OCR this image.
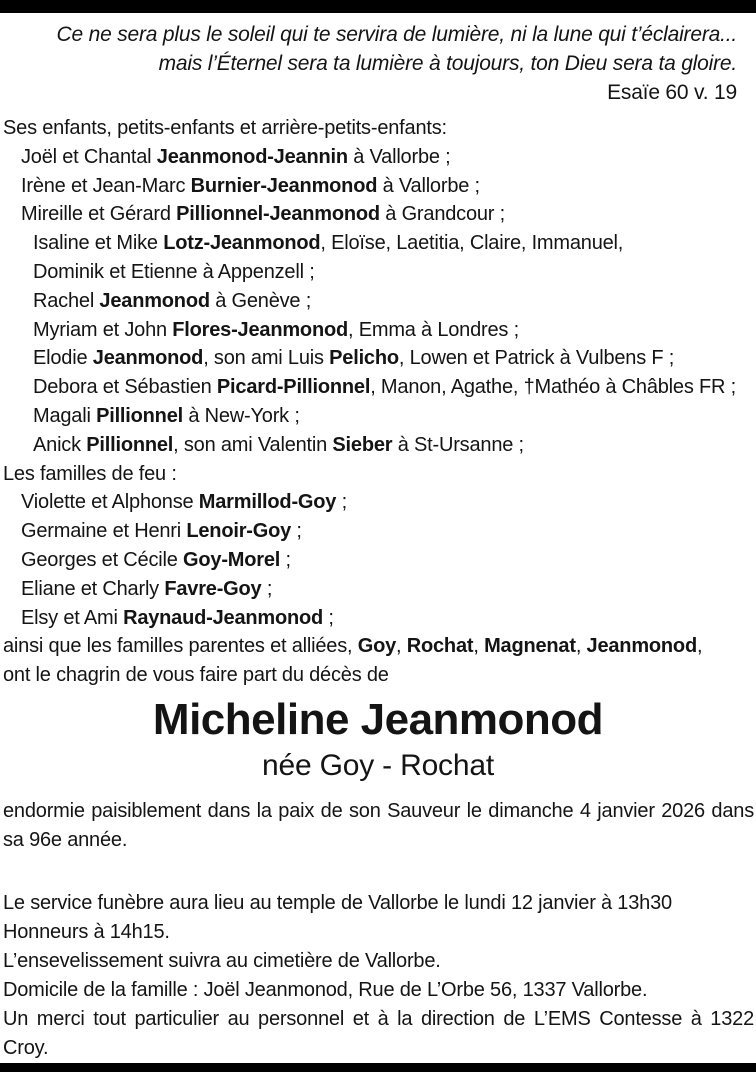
Ce ne sera plus le soleil qui te servira de lumière, ni la lune qui t’éclairera...
mais l’Éternel sera ta lumière à toujours, ton Dieu sera ta gloire.
Esaïe 60 v. 19
Ses enfants, petits-enfants et arrière-petits-enfants:
Joël et Chantal Jeanmonod-Jeannin à Vallorbe ;
Irène et Jean-Marc Burnier-Jeanmonod à Vallorbe ;
Mireille et Gérard Pillionnel-Jeanmonod à Grandcour ;
Isaline et Mike Lotz-Jeanmonod, Eloïse, Laetitia, Claire, Immanuel,
Dominik et Etienne à Appenzell ;
Rachel Jeanmonod à Genève ;
Myriam et John Flores-Jeanmonod, Emma à Londres ;
Elodie Jeanmonod, son ami Luis Pelicho, Lowen et Patrick à Vulbens F ;
Debora et Sébastien Picard-Pillionnel, Manon, Agathe, †Mathéo à Châbles FR ;
Magali Pillionnel à New-York ;
Anick Pillionnel, son ami Valentin Sieber à St-Ursanne ;
Les familles de feu :
Violette et Alphonse Marmillod-Goy ;
Germaine et Henri Lenoir-Goy ;
Georges et Cécile Goy-Morel ;
Eliane et Charly Favre-Goy ;
Elsy et Ami Raynaud-Jeanmonod ;
ainsi que les familles parentes et alliées, Goy, Rochat, Magnenat, Jeanmonod,
ont le chagrin de vous faire part du décès de
Micheline Jeanmonod
née Goy - Rochat
endormie paisiblement dans la paix de son Sauveur le dimanche 4 janvier 2026 dans sa 96e année.
Le service funèbre aura lieu au temple de Vallorbe le lundi 12 janvier à 13h30
Honneurs à 14h15.
L’ensevelissement suivra au cimetière de Vallorbe.
Domicile de la famille : Joël Jeanmonod, Rue de L’Orbe 56, 1337 Vallorbe.
Un merci tout particulier au personnel et à la direction de L’EMS Contesse à 1322 Croy.
